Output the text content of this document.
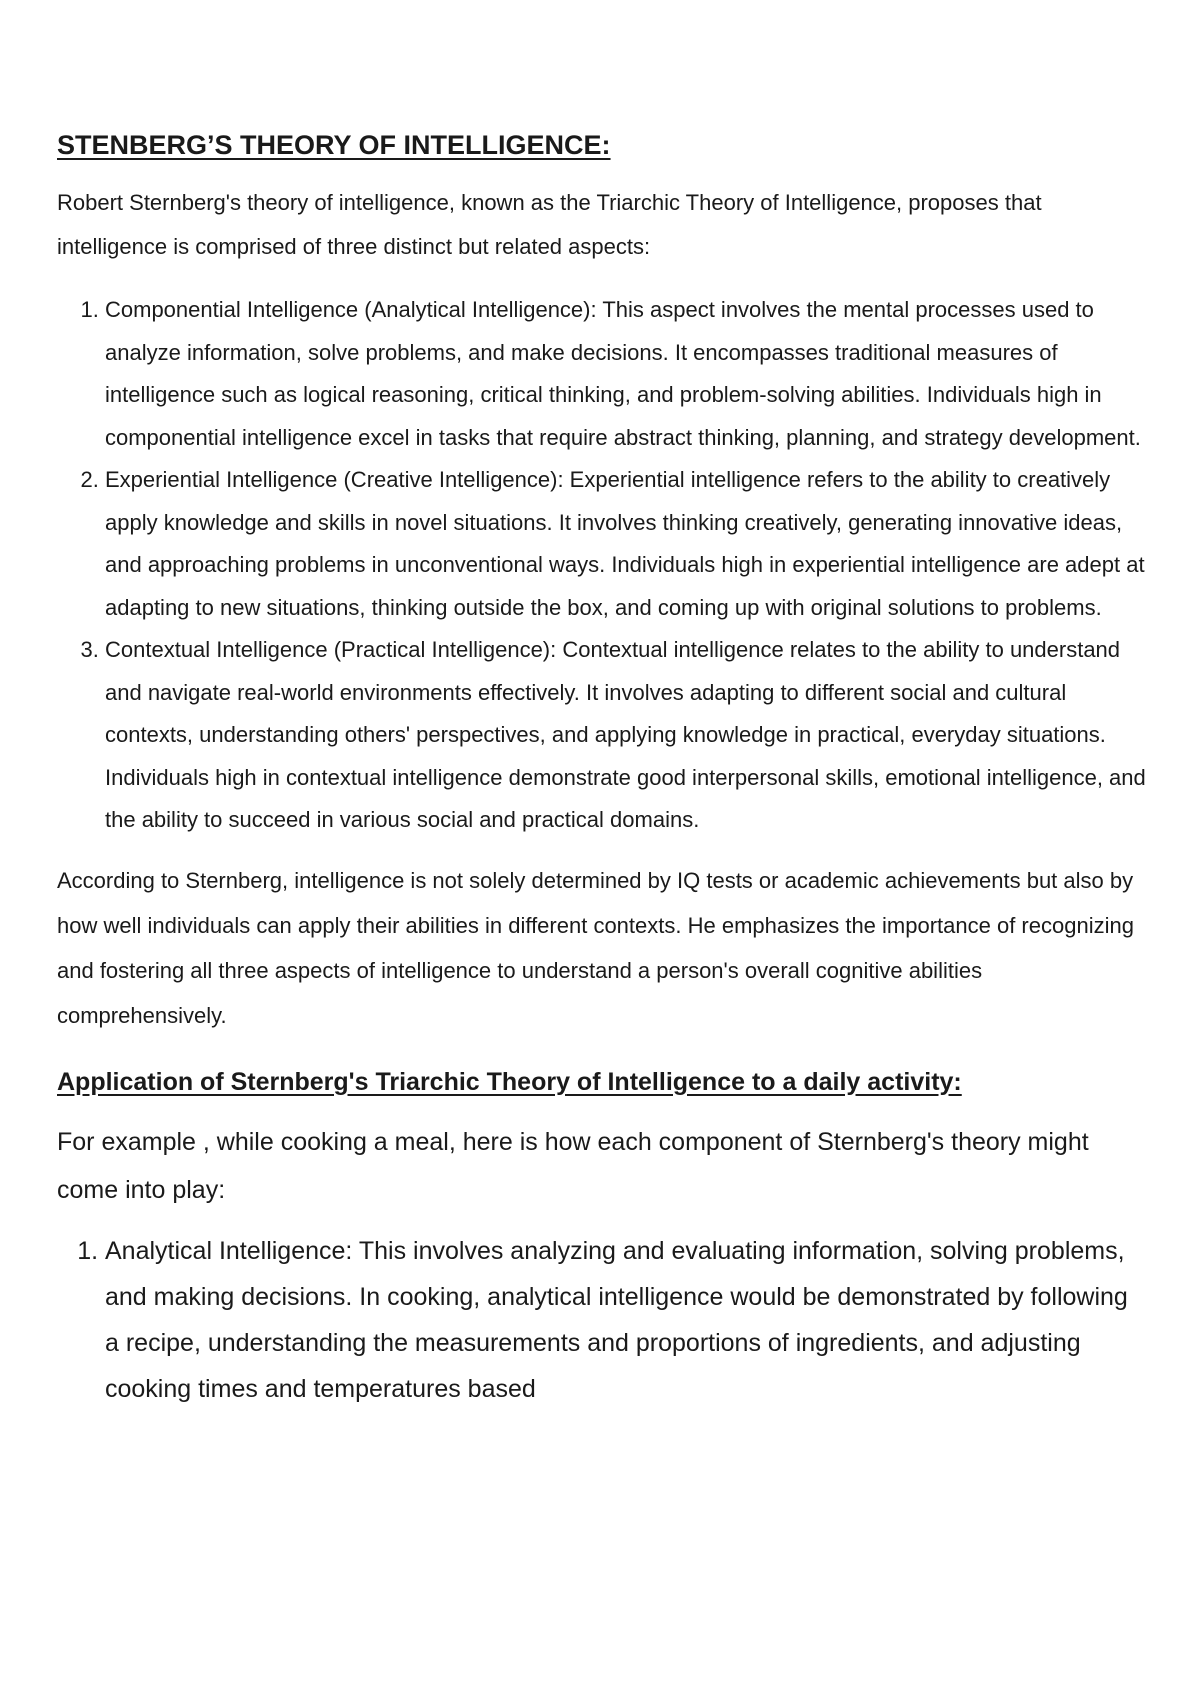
STENBERG’S THEORY OF INTELLIGENCE:

Robert Sternberg's theory of intelligence, known as the Triarchic Theory of Intelligence, proposes that intelligence is comprised of three distinct but related aspects:

1. Componential Intelligence (Analytical Intelligence): This aspect involves the mental processes used to analyze information, solve problems, and make decisions. It encompasses traditional measures of intelligence such as logical reasoning, critical thinking, and problem-solving abilities. Individuals high in componential intelligence excel in tasks that require abstract thinking, planning, and strategy development.
2. Experiential Intelligence (Creative Intelligence): Experiential intelligence refers to the ability to creatively apply knowledge and skills in novel situations. It involves thinking creatively, generating innovative ideas, and approaching problems in unconventional ways. Individuals high in experiential intelligence are adept at adapting to new situations, thinking outside the box, and coming up with original solutions to problems.
3. Contextual Intelligence (Practical Intelligence): Contextual intelligence relates to the ability to understand and navigate real-world environments effectively. It involves adapting to different social and cultural contexts, understanding others' perspectives, and applying knowledge in practical, everyday situations. Individuals high in contextual intelligence demonstrate good interpersonal skills, emotional intelligence, and the ability to succeed in various social and practical domains.

According to Sternberg, intelligence is not solely determined by IQ tests or academic achievements but also by how well individuals can apply their abilities in different contexts. He emphasizes the importance of recognizing and fostering all three aspects of intelligence to understand a person's overall cognitive abilities comprehensively.

Application of Sternberg's Triarchic Theory of Intelligence to a daily activity:

For example , while cooking a meal, here is how each component of Sternberg's theory might come into play:

1. Analytical Intelligence: This involves analyzing and evaluating information, solving problems, and making decisions. In cooking, analytical intelligence would be demonstrated by following a recipe, understanding the measurements and proportions of ingredients, and adjusting cooking times and temperatures based
